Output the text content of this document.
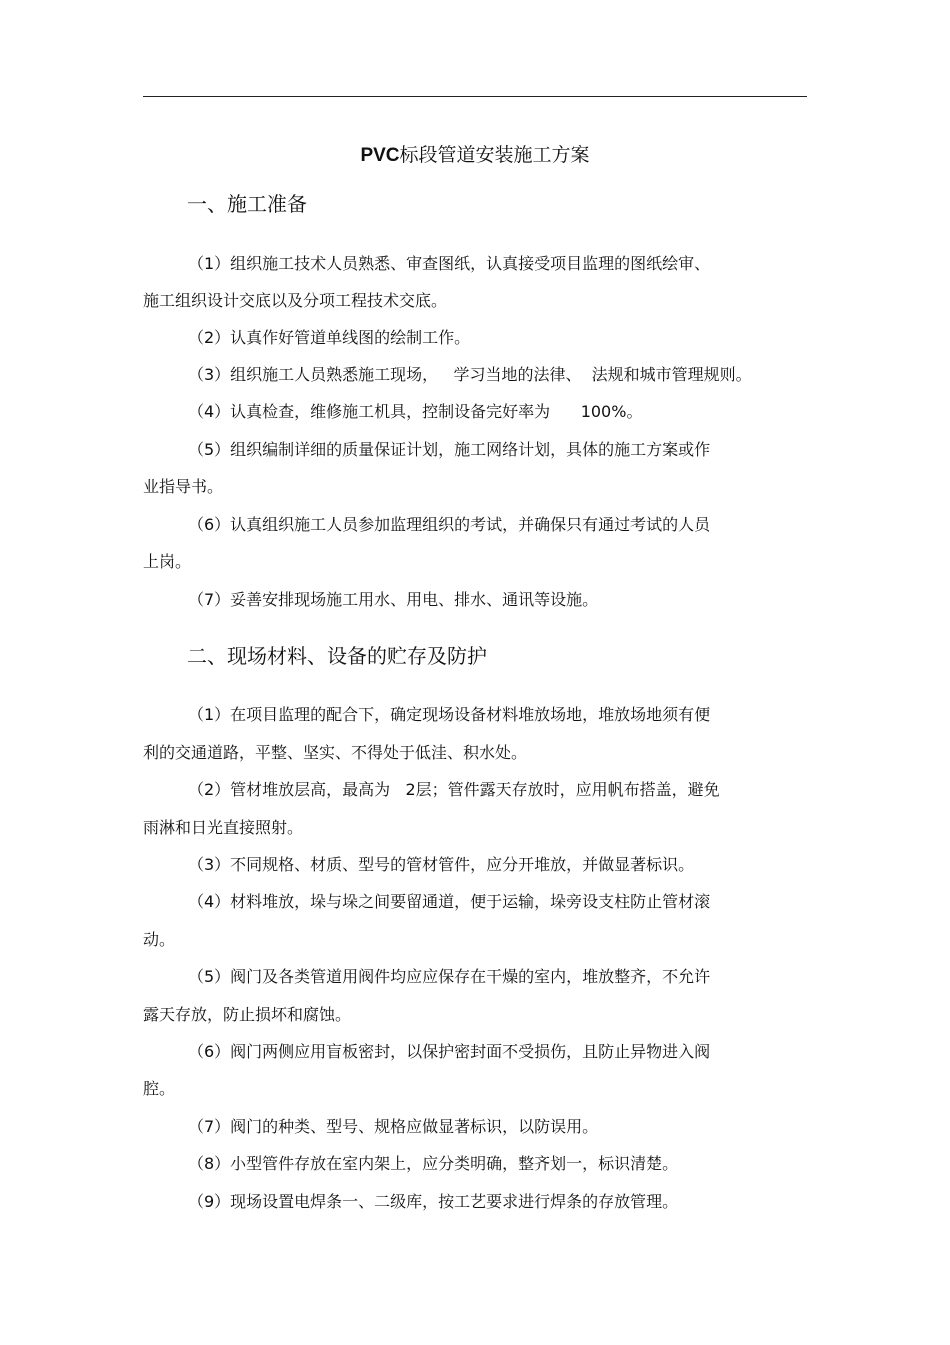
PVC标段管道安装施工方案
一、施工准备
（1）组织施工技术人员熟悉、审查图纸，认真接受项目监理的图纸绘审、
施工组织设计交底以及分项工程技术交底。
（2）认真作好管道单线图的绘制工作。
（3）组织施工人员熟悉施工现场，   学习当地的法律、  法规和城市管理规则。
（4）认真检查，维修施工机具，控制设备完好率为      100%。
（5）组织编制详细的质量保证计划，施工网络计划，具体的施工方案或作
业指导书。
（6）认真组织施工人员参加监理组织的考试，并确保只有通过考试的人员
上岗。
（7）妥善安排现场施工用水、用电、排水、通讯等设施。
二、现场材料、设备的贮存及防护
（1）在项目监理的配合下，确定现场设备材料堆放场地，堆放场地须有便
利的交通道路，平整、坚实、不得处于低洼、积水处。
（2）管材堆放层高，最高为   2层；管件露天存放时，应用帆布搭盖，避免
雨淋和日光直接照射。
（3）不同规格、材质、型号的管材管件，应分开堆放，并做显著标识。
（4）材料堆放，垛与垛之间要留通道，便于运输，垛旁设支柱防止管材滚
动。
（5）阀门及各类管道用阀件均应应保存在干燥的室内，堆放整齐，不允许
露天存放，防止损坏和腐蚀。
（6）阀门两侧应用盲板密封，以保护密封面不受损伤，且防止异物进入阀
腔。
（7）阀门的种类、型号、规格应做显著标识，以防误用。
（8）小型管件存放在室内架上，应分类明确，整齐划一，标识清楚。
（9）现场设置电焊条一、二级库，按工艺要求进行焊条的存放管理。
